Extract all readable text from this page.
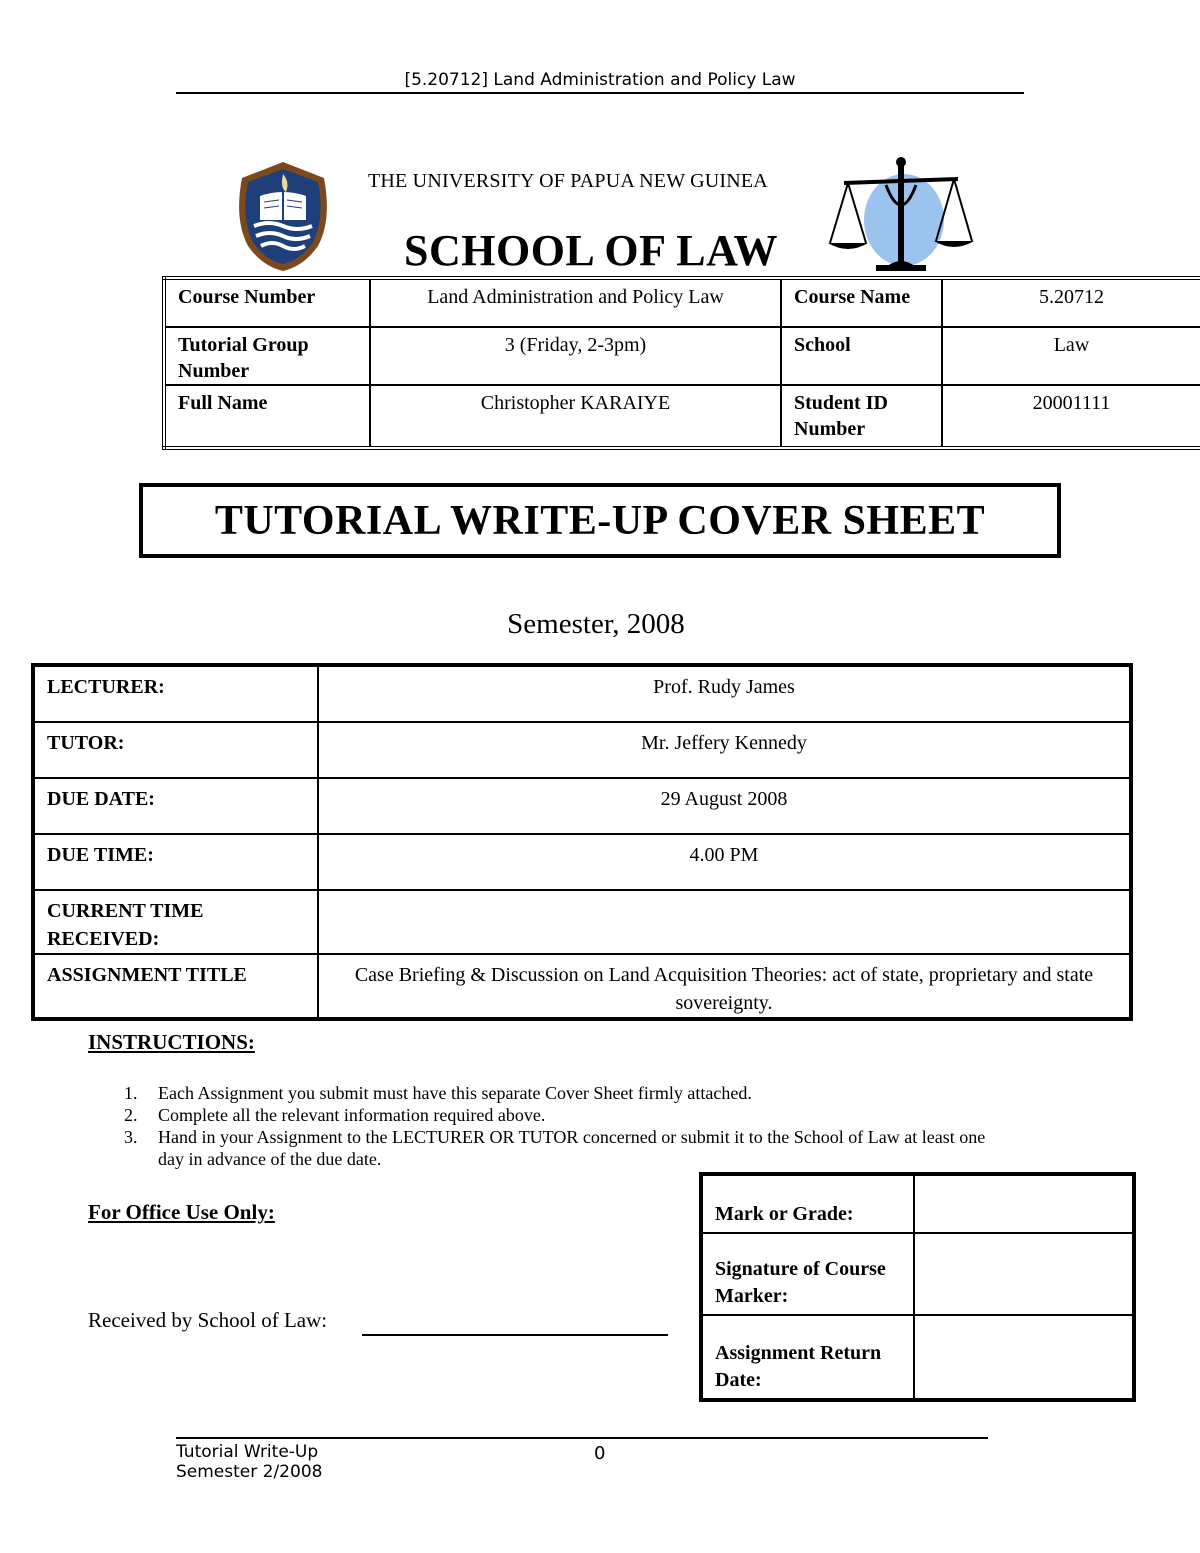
[5.20712] Land Administration and Policy Law
THE UNIVERSITY OF PAPUA NEW GUINEA
SCHOOL OF LAW
Course Number	Land Administration and Policy Law	Course Name	5.20712
Tutorial Group Number	3 (Friday, 2-3pm)	School	Law
Full Name	Christopher KARAIYE	Student ID Number	20001111
TUTORIAL WRITE-UP COVER SHEET
Semester, 2008
LECTURER:	Prof. Rudy James
TUTOR:	Mr. Jeffery Kennedy
DUE DATE:	29 August 2008
DUE TIME:	4.00 PM
CURRENT TIME RECEIVED:	
ASSIGNMENT TITLE	Case Briefing & Discussion on Land Acquisition Theories: act of state, proprietary and state sovereignty.
INSTRUCTIONS:
1.	Each Assignment you submit must have this separate Cover Sheet firmly attached.
2.	Complete all the relevant information required above.
3.	Hand in your Assignment to the LECTURER OR TUTOR concerned or submit it to the School of Law at least one day in advance of the due date.
For Office Use Only:
Received by School of Law:
Mark or Grade:	
Signature of Course Marker:	
Assignment Return Date:	
Tutorial Write-Up
Semester 2/2008
0
